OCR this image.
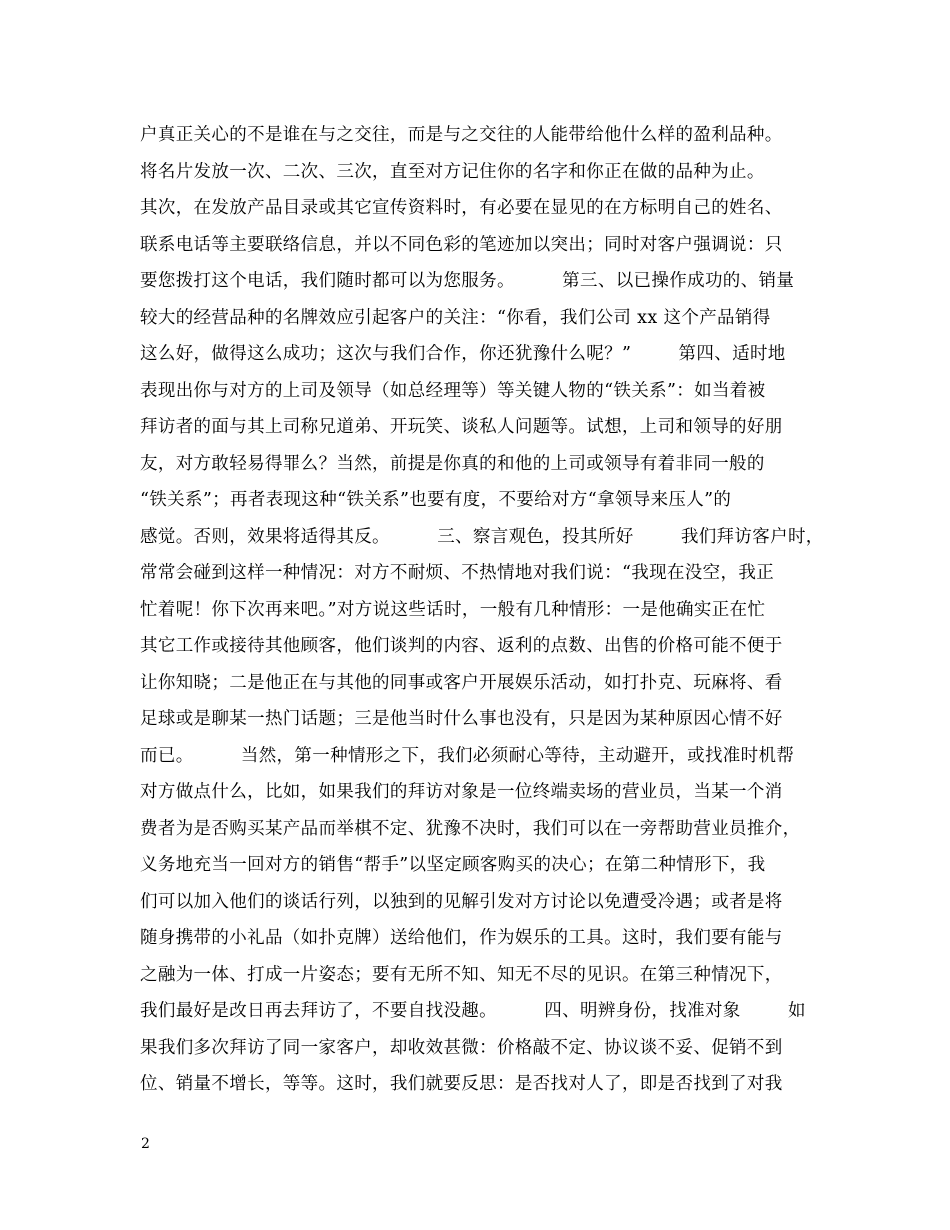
户真正关心的不是谁在与之交往，而是与之交往的人能带给他什么样的盈利品种。
将名片发放一次、二次、三次，直至对方记住你的名字和你正在做的品种为止。
其次，在发放产品目录或其它宣传资料时，有必要在显见的在方标明自己的姓名、
联系电话等主要联络信息，并以不同色彩的笔迹加以突出；同时对客户强调说：只
要您拨打这个电话，我们随时都可以为您服务。        第三、以已操作成功的、销量
较大的经营品种的名牌效应引起客户的关注：“你看，我们公司 xx 这个产品销得
这么好，做得这么成功；这次与我们合作，你还犹豫什么呢？”        第四、适时地
表现出你与对方的上司及领导（如总经理等）等关键人物的“铁关系”：如当着被
拜访者的面与其上司称兄道弟、开玩笑、谈私人问题等。试想，上司和领导的好朋
友，对方敢轻易得罪么？当然，前提是你真的和他的上司或领导有着非同一般的
“铁关系”；再者表现这种“铁关系”也要有度，不要给对方“拿领导来压人”的
感觉。否则，效果将适得其反。        三、察言观色，投其所好        我们拜访客户时，
常常会碰到这样一种情况：对方不耐烦、不热情地对我们说：“我现在没空，我正
忙着呢！你下次再来吧。”对方说这些话时，一般有几种情形：一是他确实正在忙
其它工作或接待其他顾客，他们谈判的内容、返利的点数、出售的价格可能不便于
让你知晓；二是他正在与其他的同事或客户开展娱乐活动，如打扑克、玩麻将、看
足球或是聊某一热门话题；三是他当时什么事也没有，只是因为某种原因心情不好
而已。        当然，第一种情形之下，我们必须耐心等待，主动避开，或找准时机帮
对方做点什么，比如，如果我们的拜访对象是一位终端卖场的营业员，当某一个消
费者为是否购买某产品而举棋不定、犹豫不决时，我们可以在一旁帮助营业员推介，
义务地充当一回对方的销售“帮手”以坚定顾客购买的决心；在第二种情形下，我
们可以加入他们的谈话行列，以独到的见解引发对方讨论以免遭受冷遇；或者是将
随身携带的小礼品（如扑克牌）送给他们，作为娱乐的工具。这时，我们要有能与
之融为一体、打成一片姿态；要有无所不知、知无不尽的见识。在第三种情况下，
我们最好是改日再去拜访了，不要自找没趣。        四、明辨身份，找准对象        如
果我们多次拜访了同一家客户，却收效甚微：价格敲不定、协议谈不妥、促销不到
位、销量不增长，等等。这时，我们就要反思：是否找对人了，即是否找到了对我
2
